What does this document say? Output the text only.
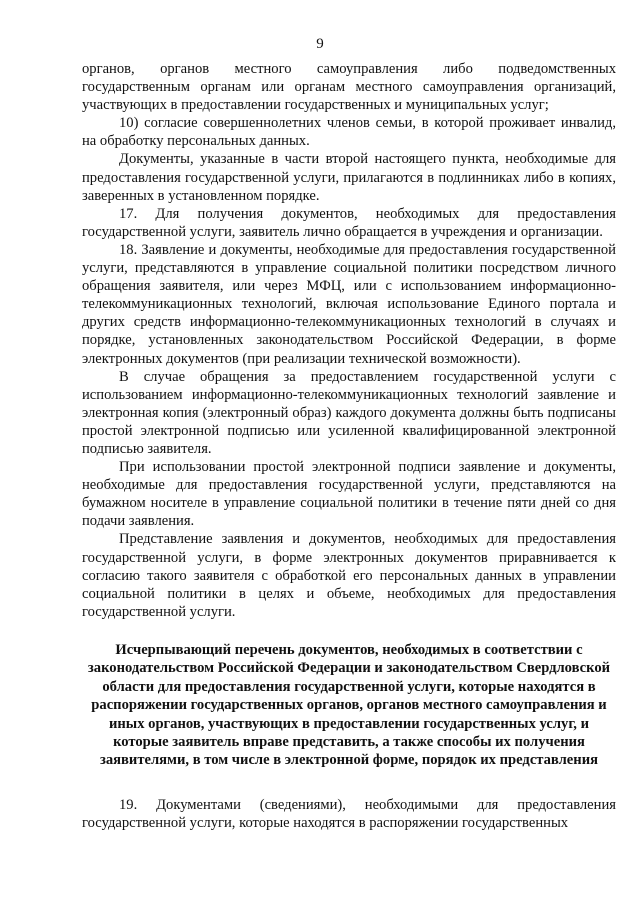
9

органов, органов местного самоуправления либо подведомственных государственным органам или органам местного самоуправления организаций, участвующих в предоставлении государственных и муниципальных услуг;

10) согласие совершеннолетних членов семьи, в которой проживает инвалид, на обработку персональных данных.

Документы, указанные в части второй настоящего пункта, необходимые для предоставления государственной услуги, прилагаются в подлинниках либо в копиях, заверенных в установленном порядке.

17. Для получения документов, необходимых для предоставления государственной услуги, заявитель лично обращается в учреждения и организации.

18. Заявление и документы, необходимые для предоставления государственной услуги, представляются в управление социальной политики посредством личного обращения заявителя, или через МФЦ, или с использованием информационно-телекоммуникационных технологий, включая использование Единого портала и других средств информационно-телекоммуникационных технологий в случаях и порядке, установленных законодательством Российской Федерации, в форме электронных документов (при реализации технической возможности).

В случае обращения за предоставлением государственной услуги с использованием информационно-телекоммуникационных технологий заявление и электронная копия (электронный образ) каждого документа должны быть подписаны простой электронной подписью или усиленной квалифицированной электронной подписью заявителя.

При использовании простой электронной подписи заявление и документы, необходимые для предоставления государственной услуги, представляются на бумажном носителе в управление социальной политики в течение пяти дней со дня подачи заявления.

Представление заявления и документов, необходимых для предоставления государственной услуги, в форме электронных документов приравнивается к согласию такого заявителя с обработкой его персональных данных в управлении социальной политики в целях и объеме, необходимых для предоставления государственной услуги.

Исчерпывающий перечень документов, необходимых в соответствии с законодательством Российской Федерации и законодательством Свердловской области для предоставления государственной услуги, которые находятся в распоряжении государственных органов, органов местного самоуправления и иных органов, участвующих в предоставлении государственных услуг, и которые заявитель вправе представить, а также способы их получения заявителями, в том числе в электронной форме, порядок их представления

19. Документами (сведениями), необходимыми для предоставления государственной услуги, которые находятся в распоряжении государственных
